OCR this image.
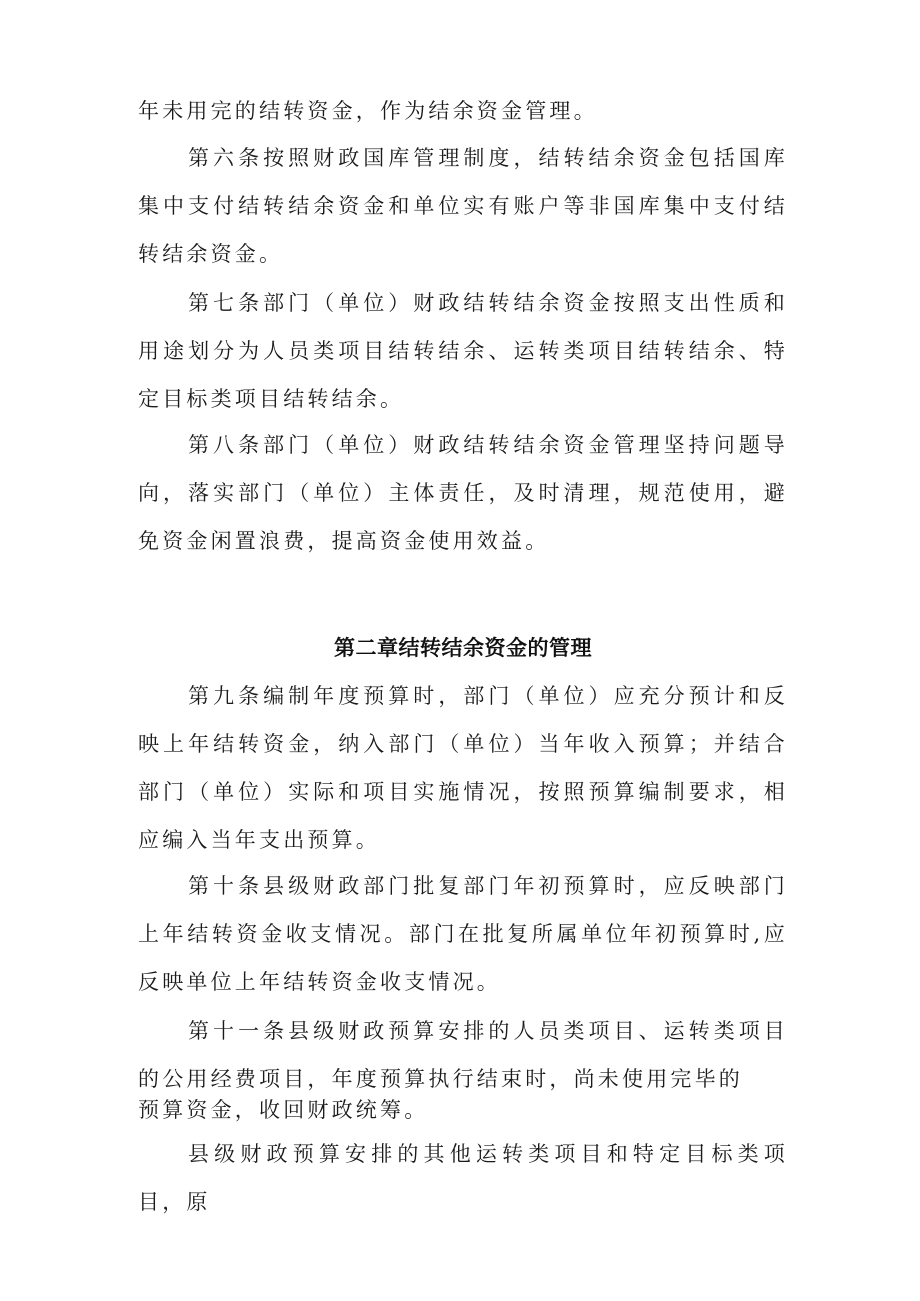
年未用完的结转资金，作为结余资金管理。

第六条按照财政国库管理制度，结转结余资金包括国库集中支付结转结余资金和单位实有账户等非国库集中支付结转结余资金。

第七条部门（单位）财政结转结余资金按照支出性质和用途划分为人员类项目结转结余、运转类项目结转结余、特定目标类项目结转结余。

第八条部门（单位）财政结转结余资金管理坚持问题导向，落实部门（单位）主体责任，及时清理，规范使用，避免资金闲置浪费，提高资金使用效益。

第二章结转结余资金的管理

第九条编制年度预算时，部门（单位）应充分预计和反映上年结转资金，纳入部门（单位）当年收入预算；并结合部门（单位）实际和项目实施情况，按照预算编制要求，相应编入当年支出预算。

第十条县级财政部门批复部门年初预算时，应反映部门上年结转资金收支情况。部门在批复所属单位年初预算时,应反映单位上年结转资金收支情况。

第十一条县级财政预算安排的人员类项目、运转类项目的公用经费项目，年度预算执行结束时，尚未使用完毕的

预算资金，收回财政统筹。

县级财政预算安排的其他运转类项目和特定目标类项目，原
